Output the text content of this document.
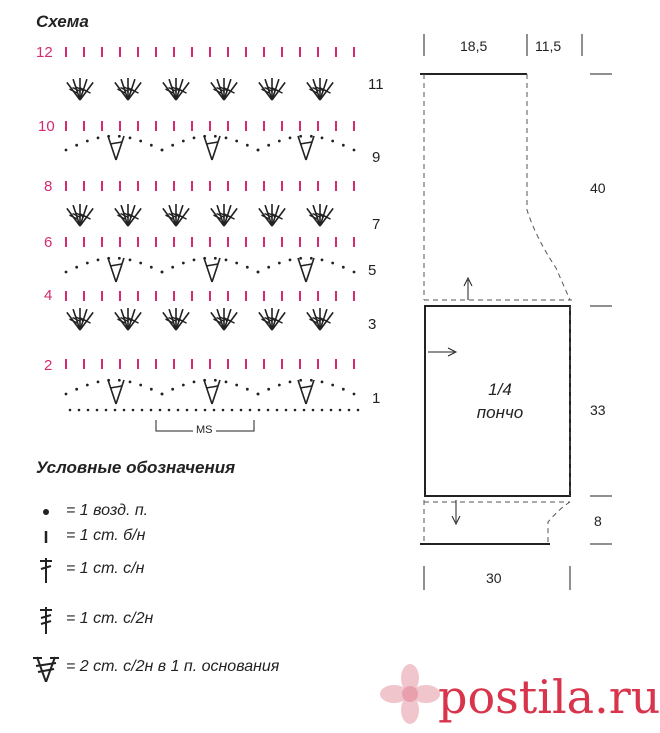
Схема
12
10
8
6
4
2
11
9
7
5
3
1
MS
Условные обозначения
= 1 возд. п.
= 1 ст. б/н
= 1 ст. с/н
= 1 ст. с/2н
= 2 ст. с/2н в 1 п. основания
18,5	11,5
40
33
8
30
1/4
пончо
postila.ru
